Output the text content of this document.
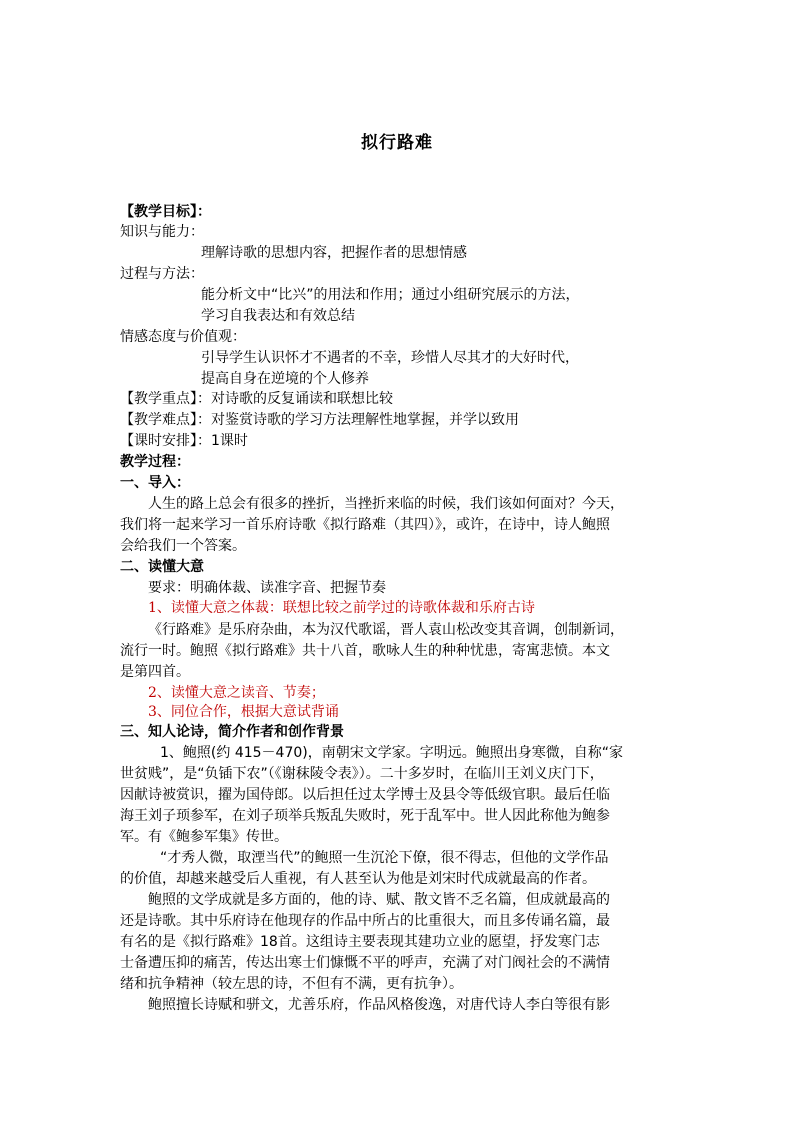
拟行路难
【教学目标】：
知识与能力：
理解诗歌的思想内容，把握作者的思想情感
过程与方法：
能分析文中“比兴”的用法和作用；通过小组研究展示的方法，
学习自我表达和有效总结
情感态度与价值观：
引导学生认识怀才不遇者的不幸，珍惜人尽其才的大好时代，
提高自身在逆境的个人修养
【教学重点】：对诗歌的反复诵读和联想比较
【教学难点】：对鉴赏诗歌的学习方法理解性地掌握，并学以致用
【课时安排】：1课时
教学过程：
一、导入：
人生的路上总会有很多的挫折，当挫折来临的时候，我们该如何面对？今天，
我们将一起来学习一首乐府诗歌《拟行路难（其四）》，或许，在诗中，诗人鲍照
会给我们一个答案。
二、读懂大意
要求：明确体裁、读准字音、把握节奏
1、读懂大意之体裁：联想比较之前学过的诗歌体裁和乐府古诗
《行路难》是乐府杂曲，本为汉代歌谣，晋人袁山松改变其音调，创制新词，
流行一时。鲍照《拟行路难》共十八首，歌咏人生的种种忧患，寄寓悲愤。本文
是第四首。
2、读懂大意之读音、节奏；
3、同位合作，根据大意试背诵
三、知人论诗，简介作者和创作背景
1、鲍照(约 415－470)，南朝宋文学家。字明远。鲍照出身寒微，自称“家
世贫贱”，是“负锸下农”（《谢秣陵令表》）。二十多岁时，在临川王刘义庆门下，
因献诗被赏识，擢为国侍郎。以后担任过太学博士及县令等低级官职。最后任临
海王刘子顼参军，在刘子顼举兵叛乱失败时，死于乱军中。世人因此称他为鲍参
军。有《鲍参军集》传世。
“才秀人微，取湮当代”的鲍照一生沉沦下僚，很不得志，但他的文学作品
的价值，却越来越受后人重视，有人甚至认为他是刘宋时代成就最高的作者。
鲍照的文学成就是多方面的，他的诗、赋、散文皆不乏名篇，但成就最高的
还是诗歌。其中乐府诗在他现存的作品中所占的比重很大，而且多传诵名篇，最
有名的是《拟行路难》18首。这组诗主要表现其建功立业的愿望，抒发寒门志
士备遭压抑的痛苦，传达出寒士们慷慨不平的呼声，充满了对门阀社会的不满情
绪和抗争精神（较左思的诗，不但有不满，更有抗争）。
鲍照擅长诗赋和骈文，尤善乐府，作品风格俊逸，对唐代诗人李白等很有影
